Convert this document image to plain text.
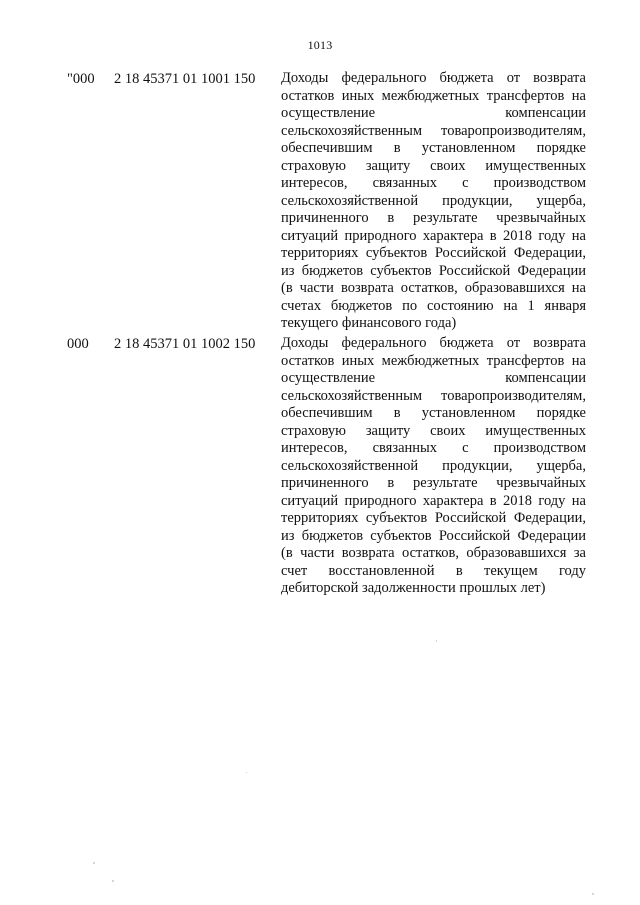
1013
"000 2 18 45371 01 1001 150 Доходы федерального бюджета от возврата
остатков иных межбюджетных трансфертов на
осуществление компенсации
сельскохозяйственным товаропроизводителям,
обеспечившим в установленном порядке
страховую защиту своих имущественных
интересов, связанных с производством
сельскохозяйственной продукции, ущерба,
причиненного в результате чрезвычайных
ситуаций природного характера в 2018 году на
территориях субъектов Российской Федерации,
из бюджетов субъектов Российской Федерации
(в части возврата остатков, образовавшихся на
счетах бюджетов по состоянию на 1 января
текущего финансового года)
000 2 18 45371 01 1002 150 Доходы федерального бюджета от возврата
остатков иных межбюджетных трансфертов на
осуществление компенсации
сельскохозяйственным товаропроизводителям,
обеспечившим в установленном порядке
страховую защиту своих имущественных
интересов, связанных с производством
сельскохозяйственной продукции, ущерба,
причиненного в результате чрезвычайных
ситуаций природного характера в 2018 году на
территориях субъектов Российской Федерации,
из бюджетов субъектов Российской Федерации
(в части возврата остатков, образовавшихся за
счет восстановленной в текущем году
дебиторской задолженности прошлых лет)
